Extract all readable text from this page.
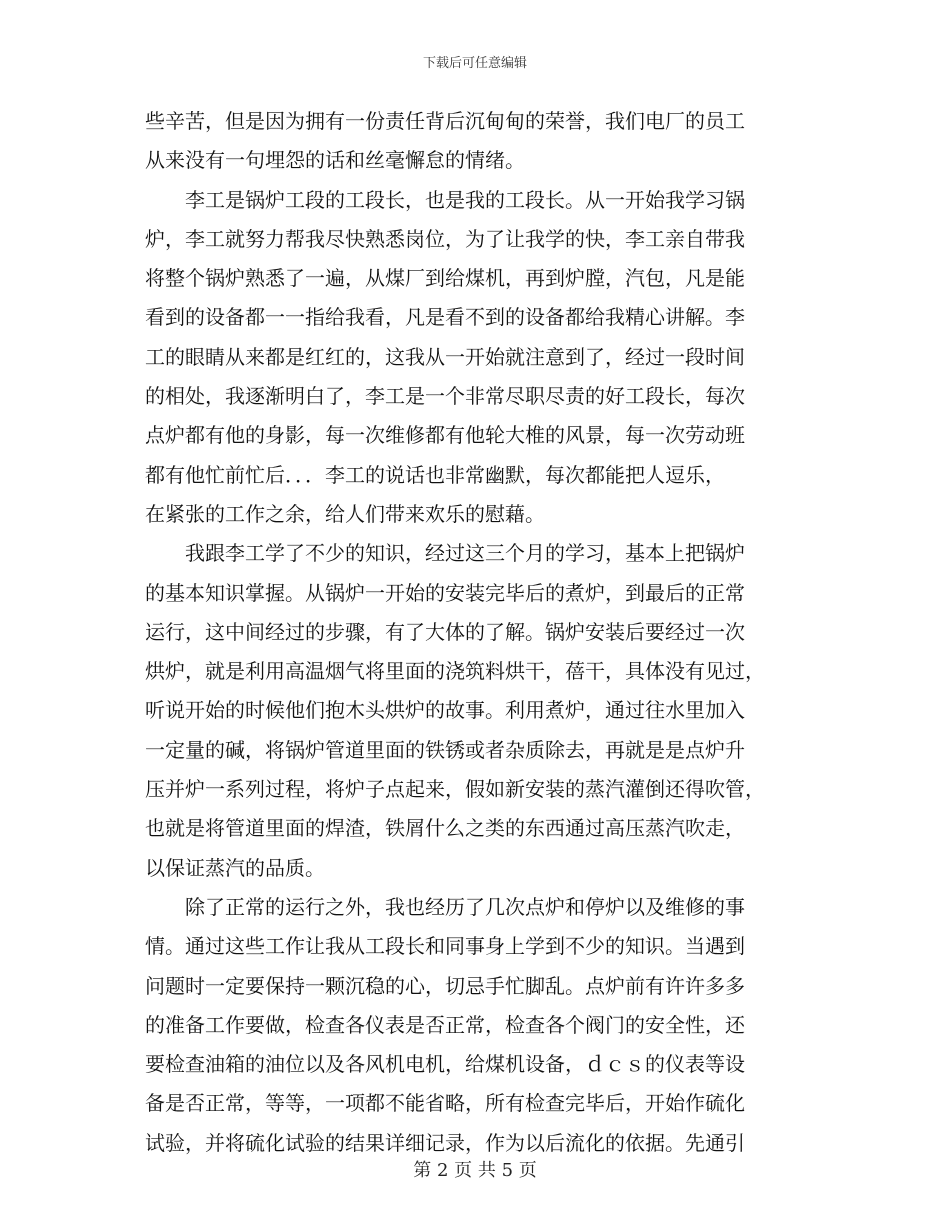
下载后可任意编辑
些辛苦，但是因为拥有一份责任背后沉甸甸的荣誉，我们电厂的员工
从来没有一句埋怨的话和丝毫懈怠的情绪。
　　李工是锅炉工段的工段长，也是我的工段长。从一开始我学习锅
炉，李工就努力帮我尽快熟悉岗位，为了让我学的快，李工亲自带我
将整个锅炉熟悉了一遍，从煤厂到给煤机，再到炉膛，汽包，凡是能
看到的设备都一一指给我看，凡是看不到的设备都给我精心讲解。李
工的眼睛从来都是红红的，这我从一开始就注意到了，经过一段时间
的相处，我逐渐明白了，李工是一个非常尽职尽责的好工段长，每次
点炉都有他的身影，每一次维修都有他轮大椎的风景，每一次劳动班
都有他忙前忙后．．．李工的说话也非常幽默，每次都能把人逗乐，
在紧张的工作之余，给人们带来欢乐的慰藉。
　　我跟李工学了不少的知识，经过这三个月的学习，基本上把锅炉
的基本知识掌握。从锅炉一开始的安装完毕后的煮炉，到最后的正常
运行，这中间经过的步骤，有了大体的了解。锅炉安装后要经过一次
烘炉，就是利用高温烟气将里面的浇筑料烘干，蓓干，具体没有见过，
听说开始的时候他们抱木头烘炉的故事。利用煮炉，通过往水里加入
一定量的碱，将锅炉管道里面的铁锈或者杂质除去，再就是是点炉升
压并炉一系列过程，将炉子点起来，假如新安装的蒸汽灌倒还得吹管，
也就是将管道里面的焊渣，铁屑什么之类的东西通过高压蒸汽吹走，
以保证蒸汽的品质。
　　除了正常的运行之外，我也经历了几次点炉和停炉以及维修的事
情。通过这些工作让我从工段长和同事身上学到不少的知识。当遇到
问题时一定要保持一颗沉稳的心，切忌手忙脚乱。点炉前有许许多多
的准备工作要做，检查各仪表是否正常，检查各个阀门的安全性，还
要检查油箱的油位以及各风机电机，给煤机设备，ｄｃｓ的仪表等设
备是否正常，等等，一项都不能省略，所有检查完毕后，开始作硫化
试验，并将硫化试验的结果详细记录，作为以后流化的依据。先通引
第 2 页 共 5 页
